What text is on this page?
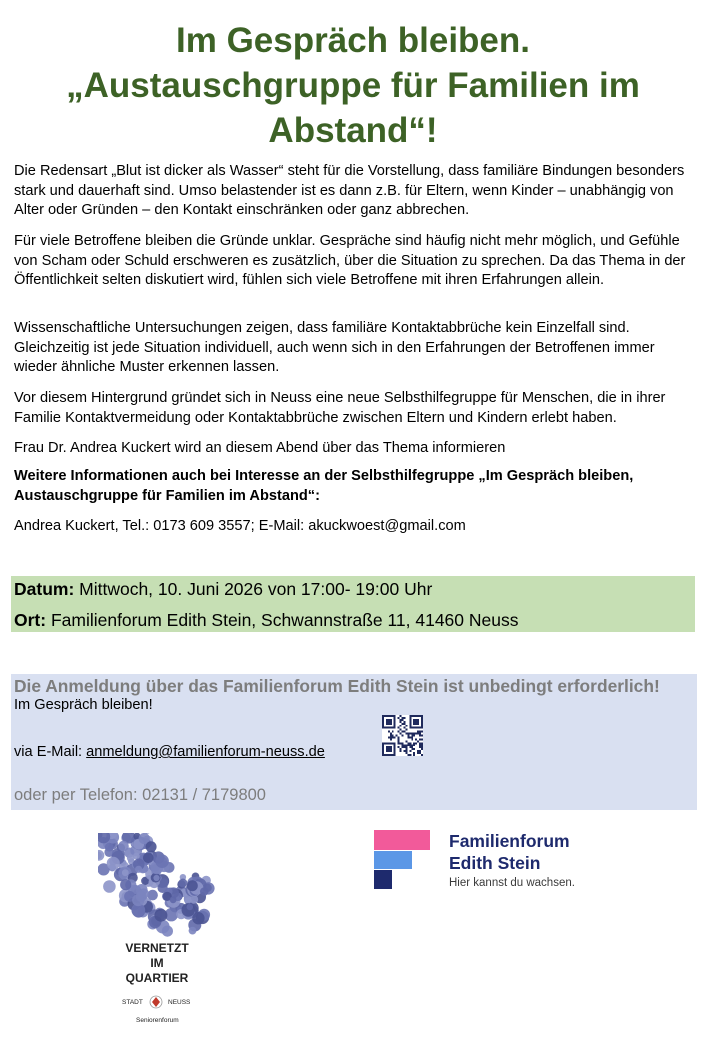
Im Gespräch bleiben.
„Austauschgruppe für Familien im
Abstand“!

Die Redensart „Blut ist dicker als Wasser“ steht für die Vorstellung, dass familiäre Bindungen besonders stark und dauerhaft sind. Umso belastender ist es dann z.B. für Eltern, wenn Kinder – unabhängig von Alter oder Gründen – den Kontakt einschränken oder ganz abbrechen.

Für viele Betroffene bleiben die Gründe unklar. Gespräche sind häufig nicht mehr möglich, und Gefühle von Scham oder Schuld erschweren es zusätzlich, über die Situation zu sprechen. Da das Thema in der Öffentlichkeit selten diskutiert wird, fühlen sich viele Betroffene mit ihren Erfahrungen allein.

Wissenschaftliche Untersuchungen zeigen, dass familiäre Kontaktabbrüche kein Einzelfall sind. Gleichzeitig ist jede Situation individuell, auch wenn sich in den Erfahrungen der Betroffenen immer wieder ähnliche Muster erkennen lassen.

Vor diesem Hintergrund gründet sich in Neuss eine neue Selbsthilfegruppe für Menschen, die in ihrer Familie Kontaktvermeidung oder Kontaktabbrüche zwischen Eltern und Kindern erlebt haben.

Frau Dr. Andrea Kuckert wird an diesem Abend über das Thema informieren

Weitere Informationen auch bei Interesse an der Selbsthilfegruppe „Im Gespräch bleiben, Austauschgruppe für Familien im Abstand“:

Andrea Kuckert, Tel.: 0173 609 3557; E-Mail: akuckwoest@gmail.com

Datum: Mittwoch, 10. Juni 2026 von 17:00- 19:00 Uhr
Ort: Familienforum Edith Stein, Schwannstraße 11, 41460 Neuss
Die Anmeldung über das Familienforum Edith Stein ist unbedingt erforderlich!
Im Gespräch bleiben!
via E-Mail: anmeldung@familienforum-neuss.de
oder per Telefon: 02131 / 7179800
VERNETZT
IM
QUARTIER
STADT	NEUSS
Seniorenforum
Familienforum
Edith Stein
Hier kannst du wachsen.
